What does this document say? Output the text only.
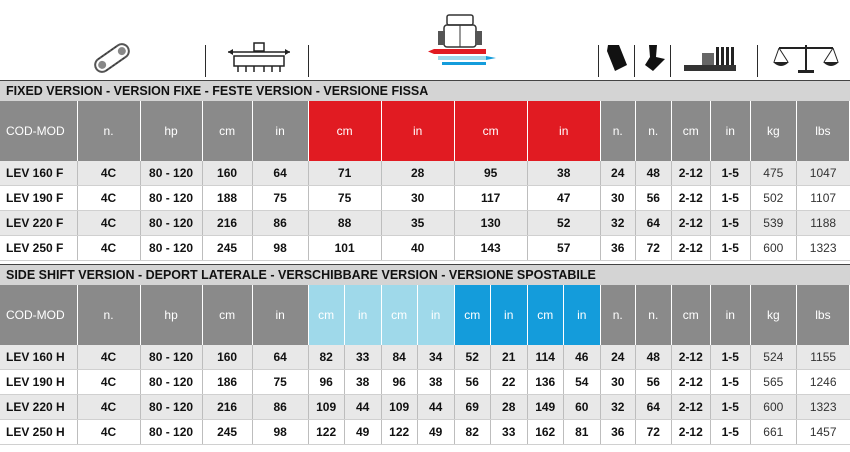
FIXED VERSION - VERSION FIXE - FESTE VERSION - VERSIONE FISSA														
COD-MOD	n.	hp	cm	in	cm	in	cm	in	n.	n.	cm	in	kg	lbs
LEV 160 F	4C	80 - 120	160	64	71	28	95	38	24	48	2-12	1-5	475	1047
LEV 190 F	4C	80 - 120	188	75	75	30	117	47	30	56	2-12	1-5	502	1107
LEV 220 F	4C	80 - 120	216	86	88	35	130	52	32	64	2-12	1-5	539	1188
LEV 250 F	4C	80 - 120	245	98	101	40	143	57	36	72	2-12	1-5	600	1323
SIDE SHIFT VERSION - DEPORT LATERALE - VERSCHIBBARE VERSION - VERSIONE SPOSTABILE																		
COD-MOD	n.	hp	cm	in	cm	in	cm	in	cm	in	cm	in	n.	n.	cm	in	kg	lbs
LEV 160 H	4C	80 - 120	160	64	82	33	84	34	52	21	114	46	24	48	2-12	1-5	524	1155
LEV 190 H	4C	80 - 120	186	75	96	38	96	38	56	22	136	54	30	56	2-12	1-5	565	1246
LEV 220 H	4C	80 - 120	216	86	109	44	109	44	69	28	149	60	32	64	2-12	1-5	600	1323
LEV 250 H	4C	80 - 120	245	98	122	49	122	49	82	33	162	81	36	72	2-12	1-5	661	1457
